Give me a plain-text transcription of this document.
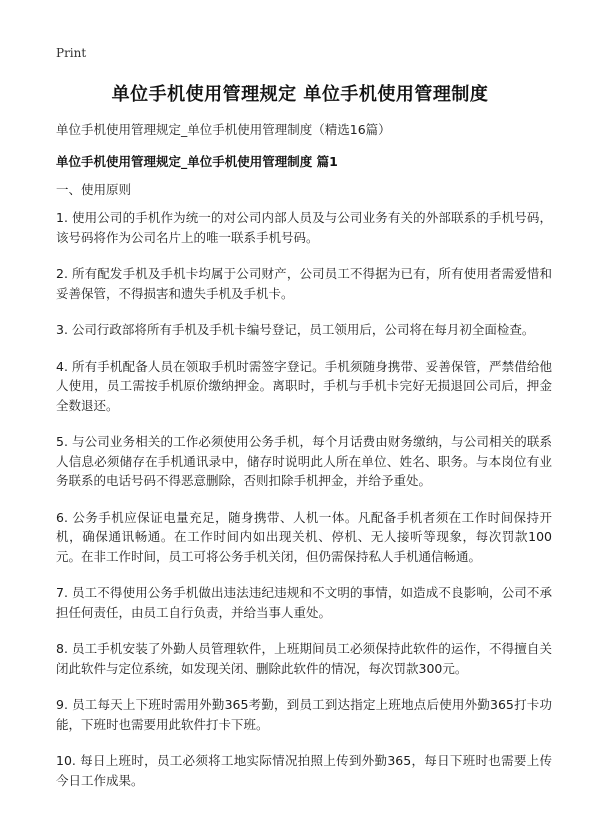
Print
单位手机使用管理规定 单位手机使用管理制度

单位手机使用管理规定_单位手机使用管理制度（精选16篇）

单位手机使用管理规定_单位手机使用管理制度 篇1

一、使用原则

1. 使用公司的手机作为统一的对公司内部人员及与公司业务有关的外部联系的手机号码，该号码将作为公司名片上的唯一联系手机号码。
2. 所有配发手机及手机卡均属于公司财产，公司员工不得据为已有，所有使用者需爱惜和妥善保管，不得损害和遗失手机及手机卡。
3. 公司行政部将所有手机及手机卡编号登记，员工领用后，公司将在每月初全面检查。
4. 所有手机配备人员在领取手机时需签字登记。手机须随身携带、妥善保管，严禁借给他人使用，员工需按手机原价缴纳押金。离职时，手机与手机卡完好无损退回公司后，押金全数退还。
5. 与公司业务相关的工作必须使用公务手机，每个月话费由财务缴纳，与公司相关的联系人信息必须储存在手机通讯录中，储存时说明此人所在单位、姓名、职务。与本岗位有业务联系的电话号码不得恶意删除，否则扣除手机押金，并给予重处。
6. 公务手机应保证电量充足，随身携带、人机一体。凡配备手机者须在工作时间保持开机，确保通讯畅通。在工作时间内如出现关机、停机、无人接听等现象，每次罚款100元。在非工作时间，员工可将公务手机关闭，但仍需保持私人手机通信畅通。
7. 员工不得使用公务手机做出违法违纪违规和不文明的事情，如造成不良影响，公司不承担任何责任，由员工自行负责，并给当事人重处。
8. 员工手机安装了外勤人员管理软件，上班期间员工必须保持此软件的运作，不得擅自关闭此软件与定位系统，如发现关闭、删除此软件的情况，每次罚款300元。
9. 员工每天上下班时需用外勤365考勤，到员工到达指定上班地点后使用外勤365打卡功能，下班时也需要用此软件打卡下班。
10. 每日上班时，员工必须将工地实际情况拍照上传到外勤365，每日下班时也需要上传今日工作成果。
